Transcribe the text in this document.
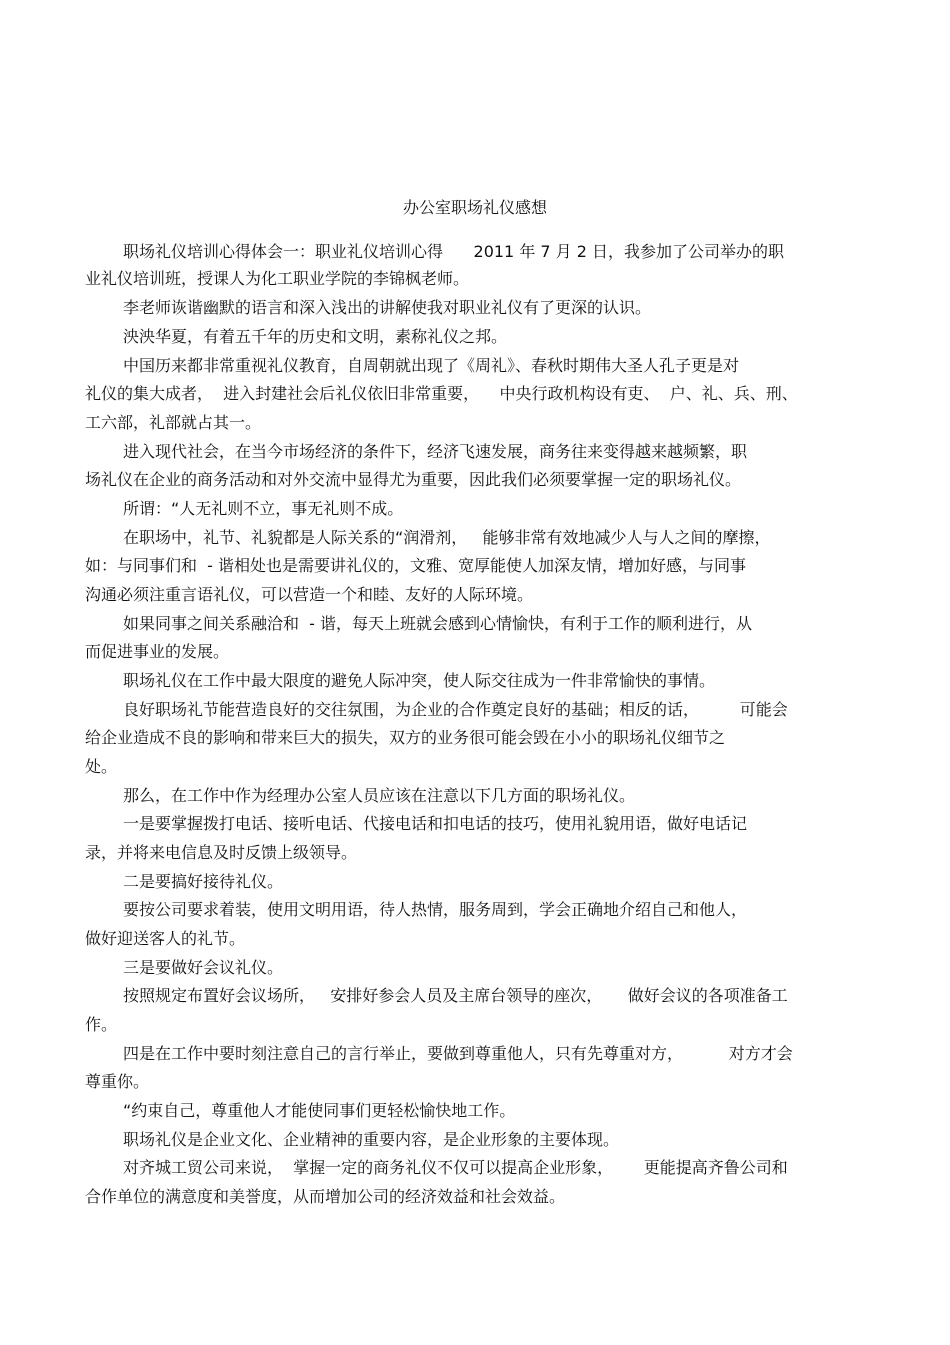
办公室职场礼仪感想
职场礼仪培训心得体会一：职业礼仪培训心得      2011 年 7 月 2 日，我参加了公司举办的职
业礼仪培训班，授课人为化工职业学院的李锦枫老师。
李老师诙谐幽默的语言和深入浅出的讲解使我对职业礼仪有了更深的认识。
泱泱华夏，有着五千年的历史和文明，素称礼仪之邦。
中国历来都非常重视礼仪教育，自周朝就出现了《周礼》、春秋时期伟大圣人孔子更是对
礼仪的集大成者，  进入封建社会后礼仪依旧非常重要，    中央行政机构设有吏、  户、礼、兵、刑、
工六部，礼部就占其一。
进入现代社会，在当今市场经济的条件下，经济飞速发展，商务往来变得越来越频繁，职
场礼仪在企业的商务活动和对外交流中显得尤为重要，因此我们必须要掌握一定的职场礼仪。
所谓：“人无礼则不立，事无礼则不成。
在职场中，礼节、礼貌都是人际关系的“润滑剂，   能够非常有效地减少人与人之间的摩擦，
如：与同事们和  - 谐相处也是需要讲礼仪的，文雅、宽厚能使人加深友情，增加好感，与同事
沟通必须注重言语礼仪，可以营造一个和睦、友好的人际环境。
如果同事之间关系融洽和  - 谐，每天上班就会感到心情愉快，有利于工作的顺利进行，从
而促进事业的发展。
职场礼仪在工作中最大限度的避免人际冲突，使人际交往成为一件非常愉快的事情。
良好职场礼节能营造良好的交往氛围，为企业的合作奠定良好的基础；相反的话，        可能会
给企业造成不良的影响和带来巨大的损失，双方的业务很可能会毁在小小的职场礼仪细节之
处。
那么，在工作中作为经理办公室人员应该在注意以下几方面的职场礼仪。
一是要掌握拨打电话、接听电话、代接电话和扣电话的技巧，使用礼貌用语，做好电话记
录，并将来电信息及时反馈上级领导。
二是要搞好接待礼仪。
要按公司要求着装，使用文明用语，待人热情，服务周到，学会正确地介绍自己和他人，
做好迎送客人的礼节。
三是要做好会议礼仪。
按照规定布置好会议场所，   安排好参会人员及主席台领导的座次，     做好会议的各项准备工
作。
四是在工作中要时刻注意自己的言行举止，要做到尊重他人，只有先尊重对方，         对方才会
尊重你。
“约束自己，尊重他人才能使同事们更轻松愉快地工作。
职场礼仪是企业文化、企业精神的重要内容，是企业形象的主要体现。
对齐城工贸公司来说，  掌握一定的商务礼仪不仅可以提高企业形象，      更能提高齐鲁公司和
合作单位的满意度和美誉度，从而增加公司的经济效益和社会效益。
